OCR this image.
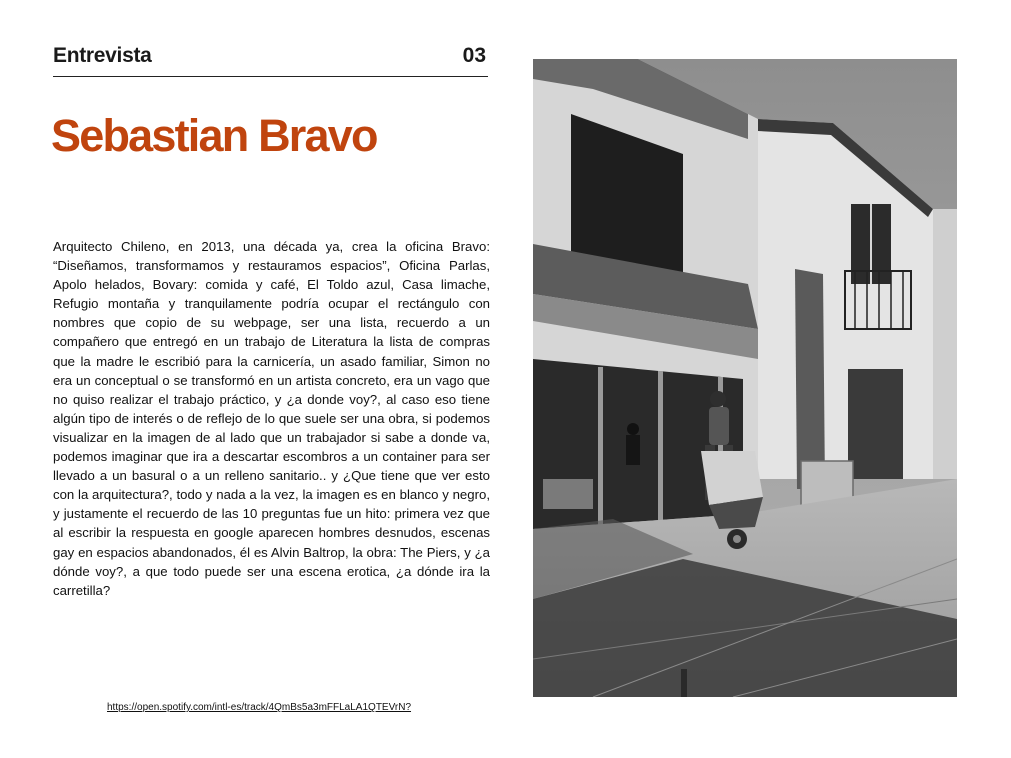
Entrevista	03
Sebastian Bravo

Arquitecto Chileno, en 2013, una década ya, crea la oficina Bravo: “Diseñamos, transformamos y restauramos espacios”, Oficina Parlas, Apolo helados, Bovary: comida y café, El Toldo azul, Casa limache, Refugio montaña y tranquilamente podría ocupar el rectángulo con nombres que copio de su webpage, ser una lista, recuerdo a un compañero que entregó en un trabajo de Literatura la lista de compras que la madre le escribió para la carnicería, un asado familiar, Simon no era un conceptual o se transformó en un artista concreto, era un vago que no quiso realizar el trabajo práctico, y ¿a donde voy?, al caso eso tiene algún tipo de interés o de reflejo de lo que suele ser una obra, si podemos visualizar en la imagen de al lado que un trabajador si sabe a donde va, podemos imaginar que ira a descartar escombros a un container para ser llevado a un basural o a un relleno sanitario.. y ¿Que tiene que ver esto con la arquitectura?, todo y nada a la vez, la imagen es en blanco y negro, y justamente el recuerdo de las 10 preguntas fue un hito: primera vez que al escribir la respuesta en google aparecen hombres desnudos, escenas gay en espacios abandonados, él es Alvin Baltrop, la obra: The Piers, y ¿a dónde voy?, a que todo puede ser una escena erotica, ¿a dónde ira la carretilla?

https://open.spotify.com/intl-es/track/4QmBs5a3mFFLaLA1QTEVrN?
